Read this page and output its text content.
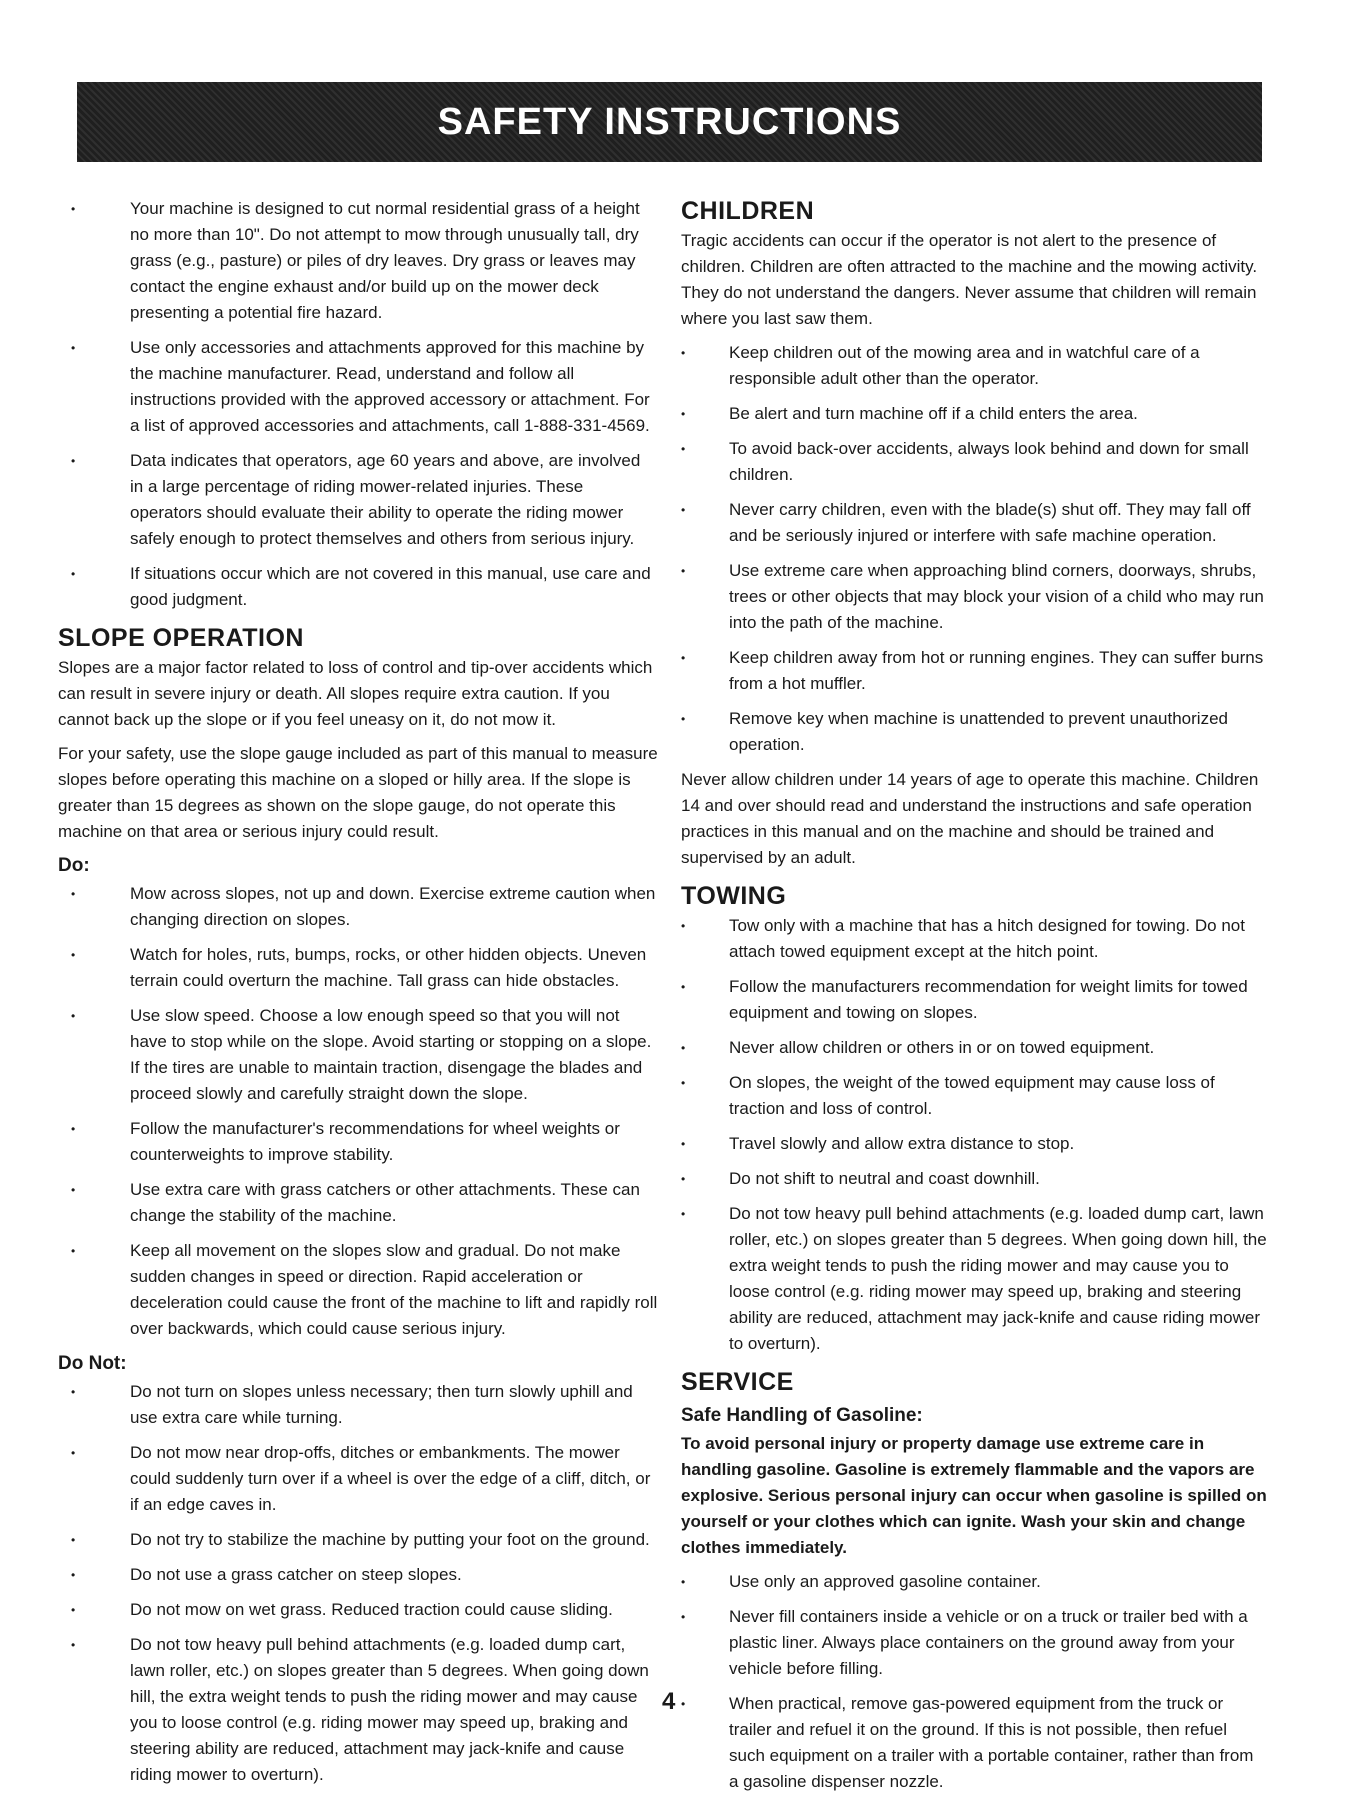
SAFETY INSTRUCTIONS
• Your machine is designed to cut normal residential grass of a height no more than 10". Do not attempt to mow through unusually tall, dry grass (e.g., pasture) or piles of dry leaves. Dry grass or leaves may contact the engine exhaust and/or build up on the mower deck presenting a potential fire hazard.
• Use only accessories and attachments approved for this machine by the machine manufacturer. Read, understand and follow all instructions provided with the approved accessory or attachment. For a list of approved accessories and attachments, call 1-888-331-4569.
• Data indicates that operators, age 60 years and above, are involved in a large percentage of riding mower-related injuries. These operators should evaluate their ability to operate the riding mower safely enough to protect themselves and others from serious injury.
• If situations occur which are not covered in this manual, use care and good judgment.
SLOPE OPERATION

Slopes are a major factor related to loss of control and tip-over accidents which can result in severe injury or death. All slopes require extra caution. If you cannot back up the slope or if you feel uneasy on it, do not mow it.

For your safety, use the slope gauge included as part of this manual to measure slopes before operating this machine on a sloped or hilly area. If the slope is greater than 15 degrees as shown on the slope gauge, do not operate this machine on that area or serious injury could result.

Do:
• Mow across slopes, not up and down. Exercise extreme caution when changing direction on slopes.
• Watch for holes, ruts, bumps, rocks, or other hidden objects. Uneven terrain could overturn the machine. Tall grass can hide obstacles.
• Use slow speed. Choose a low enough speed so that you will not have to stop while on the slope. Avoid starting or stopping on a slope. If the tires are unable to maintain traction, disengage the blades and proceed slowly and carefully straight down the slope.
• Follow the manufacturer's recommendations for wheel weights or counterweights to improve stability.
• Use extra care with grass catchers or other attachments. These can change the stability of the machine.
• Keep all movement on the slopes slow and gradual. Do not make sudden changes in speed or direction. Rapid acceleration or deceleration could cause the front of the machine to lift and rapidly roll over backwards, which could cause serious injury.
Do Not:
• Do not turn on slopes unless necessary; then turn slowly uphill and use extra care while turning.
• Do not mow near drop-offs, ditches or embankments. The mower could suddenly turn over if a wheel is over the edge of a cliff, ditch, or if an edge caves in.
• Do not try to stabilize the machine by putting your foot on the ground.
• Do not use a grass catcher on steep slopes.
• Do not mow on wet grass. Reduced traction could cause sliding.
• Do not tow heavy pull behind attachments (e.g. loaded dump cart, lawn roller, etc.) on slopes greater than 5 degrees. When going down hill, the extra weight tends to push the riding mower and may cause you to loose control (e.g. riding mower may speed up, braking and steering ability are reduced, attachment may jack-knife and cause riding mower to overturn).
CHILDREN

Tragic accidents can occur if the operator is not alert to the presence of children. Children are often attracted to the machine and the mowing activity. They do not understand the dangers. Never assume that children will remain where you last saw them.

• Keep children out of the mowing area and in watchful care of a responsible adult other than the operator.
• Be alert and turn machine off if a child enters the area.
• To avoid back-over accidents, always look behind and down for small children.
• Never carry children, even with the blade(s) shut off. They may fall off and be seriously injured or interfere with safe machine operation.
• Use extreme care when approaching blind corners, doorways, shrubs, trees or other objects that may block your vision of a child who may run into the path of the machine.
• Keep children away from hot or running engines. They can suffer burns from a hot muffler.
• Remove key when machine is unattended to prevent unauthorized operation.

Never allow children under 14 years of age to operate this machine. Children 14 and over should read and understand the instructions and safe operation practices in this manual and on the machine and should be trained and supervised by an adult.

TOWING
• Tow only with a machine that has a hitch designed for towing. Do not attach towed equipment except at the hitch point.
• Follow the manufacturers recommendation for weight limits for towed equipment and towing on slopes.
• Never allow children or others in or on towed equipment.
• On slopes, the weight of the towed equipment may cause loss of traction and loss of control.
• Travel slowly and allow extra distance to stop.
• Do not shift to neutral and coast downhill.
• Do not tow heavy pull behind attachments (e.g. loaded dump cart, lawn roller, etc.) on slopes greater than 5 degrees. When going down hill, the extra weight tends to push the riding mower and may cause you to loose control (e.g. riding mower may speed up, braking and steering ability are reduced, attachment may jack-knife and cause riding mower to overturn).
SERVICE
Safe Handling of Gasoline:

To avoid personal injury or property damage use extreme care in handling gasoline. Gasoline is extremely flammable and the vapors are explosive. Serious personal injury can occur when gasoline is spilled on yourself or your clothes which can ignite. Wash your skin and change clothes immediately.

• Use only an approved gasoline container.
• Never fill containers inside a vehicle or on a truck or trailer bed with a plastic liner. Always place containers on the ground away from your vehicle before filling.
• When practical, remove gas-powered equipment from the truck or trailer and refuel it on the ground. If this is not possible, then refuel such equipment on a trailer with a portable container, rather than from a gasoline dispenser nozzle.
4
